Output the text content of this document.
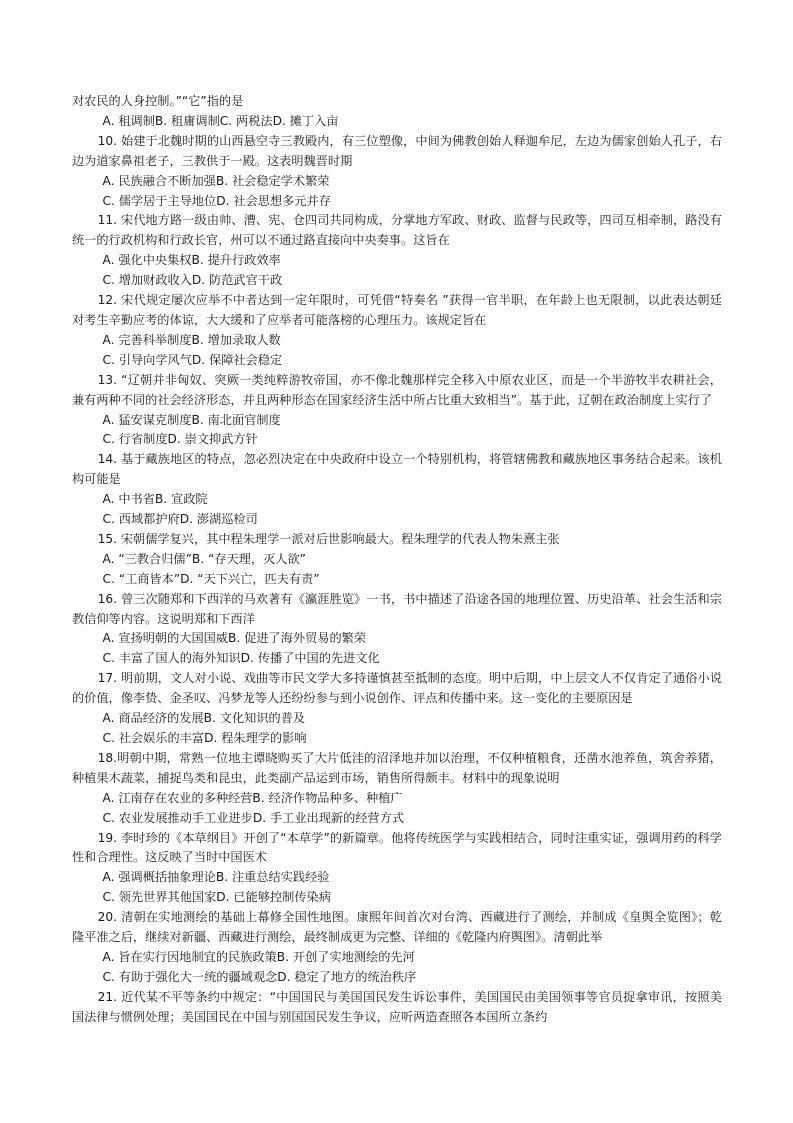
对农民的人身控制。”“它”指的是

A. 租调制B. 租庸调制C. 两税法D. 摊丁入亩

10. 始建于北魏时期的山西悬空寺三教殿内，有三位塑像，中间为佛教创始人释迦牟尼，左边为儒家创始人孔子，右边为道家鼻祖老子，三教供于一殿。这表明魏晋时期

A. 民族融合不断加强B. 社会稳定学术繁荣

C. 儒学居于主导地位D. 社会思想多元并存

11. 宋代地方路一级由帅、漕、宪、仓四司共同构成，分掌地方军政、财政、监督与民政等，四司互相牵制，路没有统一的行政机构和行政长官，州可以不通过路直接向中央奏事。这旨在

A. 强化中央集权B. 提升行政效率

C. 增加财政收入D. 防范武官干政

12. 宋代规定屡次应举不中者达到一定年限时，可凭借“特奏名 ”获得一官半职，在年龄上也无限制，以此表达朝廷对考生辛勤应考的体谅，大大缓和了应举者可能落榜的心理压力。该规定旨在

A. 完善科举制度B. 增加录取人数

C. 引导向学风气D. 保障社会稳定

13. “辽朝并非匈奴、突厥一类纯粹游牧帝国，亦不像北魏那样完全移入中原农业区，而是一个半游牧半农耕社会，兼有两种不同的社会经济形态，并且两种形态在国家经济生活中所占比重大致相当”。基于此，辽朝在政治制度上实行了

A. 猛安谋克制度B. 南北面官制度

C. 行省制度D. 崇文抑武方针

14. 基于藏族地区的特点，忽必烈决定在中央政府中设立一个特别机构，将管辖佛教和藏族地区事务结合起来。该机构可能是

A. 中书省B. 宣政院

C. 西域都护府D. 澎湖巡检司

15. 宋朝儒学复兴，其中程朱理学一派对后世影响最大。程朱理学的代表人物朱熹主张

A. “三教合归儒”B. “存天理，灭人欲”

C. “工商皆本”D. “天下兴亡，匹夫有责”

16. 曾三次随郑和下西洋的马欢著有《瀛涯胜览》一书，书中描述了沿途各国的地理位置、历史沿革、社会生活和宗教信仰等内容。这说明郑和下西洋

A. 宣扬明朝的大国国威B. 促进了海外贸易的繁荣

C. 丰富了国人的海外知识D. 传播了中国的先进文化

17. 明前期，文人对小说、戏曲等市民文学大多持谨慎甚至抵制的态度。明中后期，中上层文人不仅肯定了通俗小说的价值，像李贽、金圣叹、冯梦龙等人还纷纷参与到小说创作、评点和传播中来。这一变化的主要原因是

A. 商品经济的发展B. 文化知识的普及

C. 社会娱乐的丰富D. 程朱理学的影响

18.明朝中期，常熟一位地主谭晓购买了大片低洼的沼泽地并加以治理，不仅种植粮食，还凿水池养鱼，筑舍养猪，种植果木蔬菜，捕捉鸟类和昆虫，此类副产品运到市场，销售所得颇丰。材料中的现象说明

A. 江南存在农业的多种经营B. 经济作物品种多、种植广

C. 农业发展推动手工业进步D. 手工业出现新的经营方式

19. 李时珍的《本草纲目》开创了“本草学”的新篇章。他将传统医学与实践相结合，同时注重实证，强调用药的科学性和合理性。这反映了当时中国医术

A. 强调概括抽象理论B. 注重总结实践经验

C. 领先世界其他国家D. 已能够控制传染病

20. 清朝在实地测绘的基础上幕修全国性地图。康熙年间首次对台湾、西藏进行了测绘，并制成《皇舆全览图》；乾隆平准之后，继续对新疆、西藏进行测绘，最终制成更为完整、详细的《乾隆内府舆图》。清朝此举

A. 旨在实行因地制宜的民族政策B. 开创了实地测绘的先河

C. 有助于强化大一统的疆域观念D. 稳定了地方的统治秩序

21. 近代某不平等条约中规定：“中国国民与美国国民发生诉讼事件，美国国民由美国领事等官员捉拿审讯，按照美国法律与惯例处理；美国国民在中国与别国国民发生争议，应听两造查照各本国所立条约
